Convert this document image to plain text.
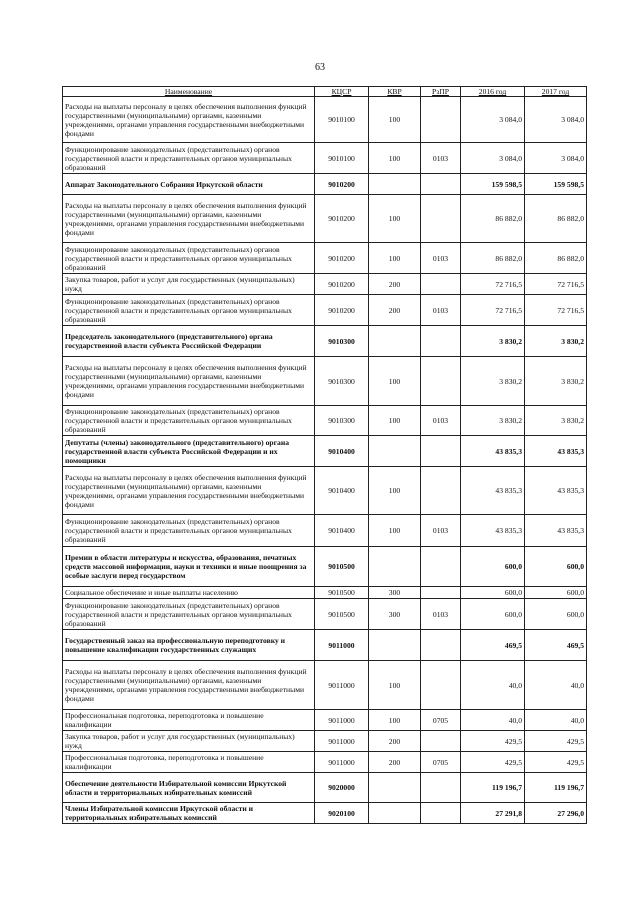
63
Наименование	КЦСР	КВР	РзПР	2016 год	2017 год
Расходы на выплаты персоналу в целях обеспечения выполнения функций государственными (муниципальными) органами, казенными учреждениями, органами управления государственными внебюджетными фондами	9010100	100		3 084,0	3 084,0
Функционирование законодательных (представительных) органов государственной власти и представительных органов муниципальных образований	9010100	100	0103	3 084,0	3 084,0
Аппарат Законодательного Собрания Иркутской области	9010200			159 598,5	159 598,5
Расходы на выплаты персоналу в целях обеспечения выполнения функций государственными (муниципальными) органами, казенными учреждениями, органами управления государственными внебюджетными фондами	9010200	100		86 882,0	86 882,0
Функционирование законодательных (представительных) органов государственной власти и представительных органов муниципальных образований	9010200	100	0103	86 882,0	86 882,0
Закупка товаров, работ и услуг для государственных (муниципальных) нужд	9010200	200		72 716,5	72 716,5
Функционирование законодательных (представительных) органов государственной власти и представительных органов муниципальных образований	9010200	200	0103	72 716,5	72 716,5
Председатель законодательного (представительного) органа государственной власти субъекта Российской Федерации	9010300			3 830,2	3 830,2
Расходы на выплаты персоналу в целях обеспечения выполнения функций государственными (муниципальными) органами, казенными учреждениями, органами управления государственными внебюджетными фондами	9010300	100		3 830,2	3 830,2
Функционирование законодательных (представительных) органов государственной власти и представительных органов муниципальных образований	9010300	100	0103	3 830,2	3 830,2
Депутаты (члены) законодательного (представительного) органа государственной власти субъекта Российской Федерации и их помощники	9010400			43 835,3	43 835,3
Расходы на выплаты персоналу в целях обеспечения выполнения функций государственными (муниципальными) органами, казенными учреждениями, органами управления государственными внебюджетными фондами	9010400	100		43 835,3	43 835,3
Функционирование законодательных (представительных) органов государственной власти и представительных органов муниципальных образований	9010400	100	0103	43 835,3	43 835,3
Премии в области литературы и искусства, образования, печатных средств массовой информации, науки и техники и иные поощрения за особые заслуги перед государством	9010500			600,0	600,0
Социальное обеспечение и иные выплаты населению	9010500	300		600,0	600,0
Функционирование законодательных (представительных) органов государственной власти и представительных органов муниципальных образований	9010500	300	0103	600,0	600,0
Государственный заказ на профессиональную переподготовку и повышение квалификации государственных служащих	9011000			469,5	469,5
Расходы на выплаты персоналу в целях обеспечения выполнения функций государственными (муниципальными) органами, казенными учреждениями, органами управления государственными внебюджетными фондами	9011000	100		40,0	40,0
Профессиональная подготовка, переподготовка и повышение квалификации	9011000	100	0705	40,0	40,0
Закупка товаров, работ и услуг для государственных (муниципальных) нужд	9011000	200		429,5	429,5
Профессиональная подготовка, переподготовка и повышение квалификации	9011000	200	0705	429,5	429,5
Обеспечение деятельности Избирательной комиссии Иркутской области и территориальных избирательных комиссий	9020000			119 196,7	119 196,7
Члены Избирательной комиссии Иркутской области и территориальных избирательных комиссий	9020100			27 291,8	27 296,0
